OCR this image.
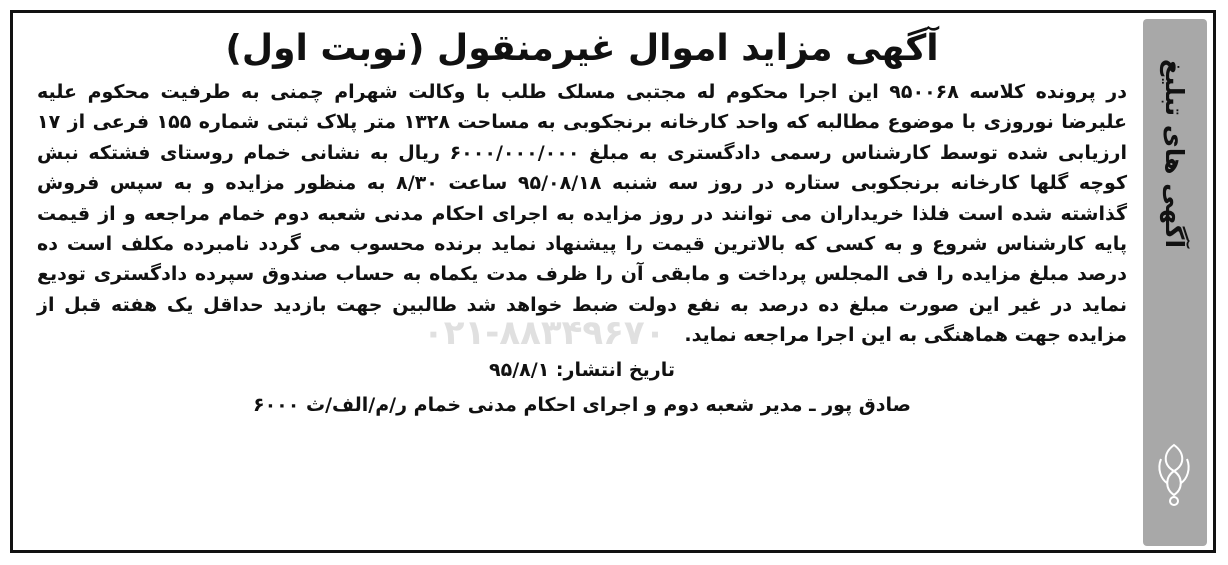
آگهی های تبلیغ
۰۲۱-۸۸۳۴۹۶۷۰
آگهی مزاید اموال غیرمنقول (نوبت اول)

در پرونده کلاسه ۹۵۰۰۶۸ این اجرا محکوم له مجتبی مسلک طلب با وکالت شهرام چمنی به طرفیت محکوم علیه علیرضا نوروزی با موضوع مطالبه که واحد کارخانه برنجکوبی به مساحت ۱۳۲۸ متر پلاک ثبتی شماره ۱۵۵ فرعی از ۱۷ ارزیابی شده توسط کارشناس رسمی دادگستری به مبلغ ۶۰۰۰/۰۰۰/۰۰۰ ریال به نشانی خمام روستای فشتکه نبش کوچه گلها کارخانه برنجکوبی ستاره در روز سه شنبه ۹۵/۰۸/۱۸ ساعت ۸/۳۰ به منظور مزایده و به سپس فروش گذاشته شده است فلذا خریداران می توانند در روز مزایده به اجرای احکام مدنی شعبه دوم خمام مراجعه و از قیمت پایه کارشناس شروع و به کسی که بالاترین قیمت را پیشنهاد نماید برنده محسوب می گردد نامبرده مکلف است ده درصد مبلغ مزایده را فی المجلس پرداخت و مابقی آن را ظرف مدت یکماه به حساب صندوق سپرده دادگستری تودیع نماید در غیر این صورت مبلغ ده درصد به نفع دولت ضبط خواهد شد طالبین جهت بازدید حداقل یک هفته قبل از مزایده جهت هماهنگی به این اجرا مراجعه نماید.

تاریخ انتشار: ۹۵/۸/۱
صادق پور ـ مدیر شعبه دوم و اجرای احکام مدنی خمام ر/م/الف/ث ۶۰۰۰
